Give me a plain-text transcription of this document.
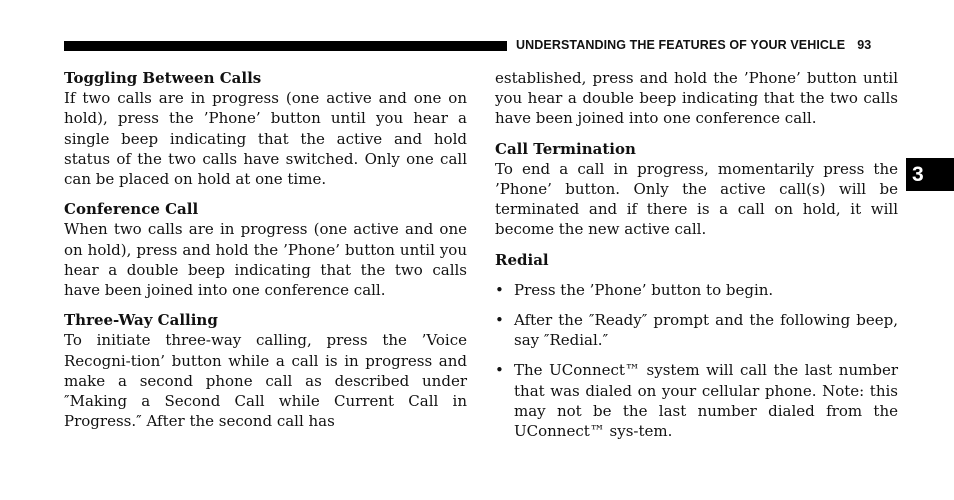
UNDERSTANDING THE FEATURES OF YOUR VEHICLE 93

Toggling Between Calls

If two calls are in progress (one active and one on hold), press the ’Phone’ button until you hear a single beep indicating that the active and hold status of the two calls have switched. Only one call can be placed on hold at one time.

Conference Call

When two calls are in progress (one active and one on hold), press and hold the ’Phone’ button until you hear a double beep indicating that the two calls have been joined into one conference call.

Three-Way Calling

To initiate three-way calling, press the ’Voice Recogni-tion’ button while a call is in progress and make a second phone call as described under ″Making a Second Call while Current Call in Progress.″ After the second call has

established, press and hold the ’Phone’ button until you hear a double beep indicating that the two calls have been joined into one conference call.

Call Termination

To end a call in progress, momentarily press the ’Phone’ button. Only the active call(s) will be terminated and if there is a call on hold, it will become the new active call.

Redial

• Press the ’Phone’ button to begin.
• After the ″Ready″ prompt and the following beep, say ″Redial.″
• The UConnect™ system will call the last number that was dialed on your cellular phone. Note: this may not be the last number dialed from the UConnect™ sys-tem.
3
